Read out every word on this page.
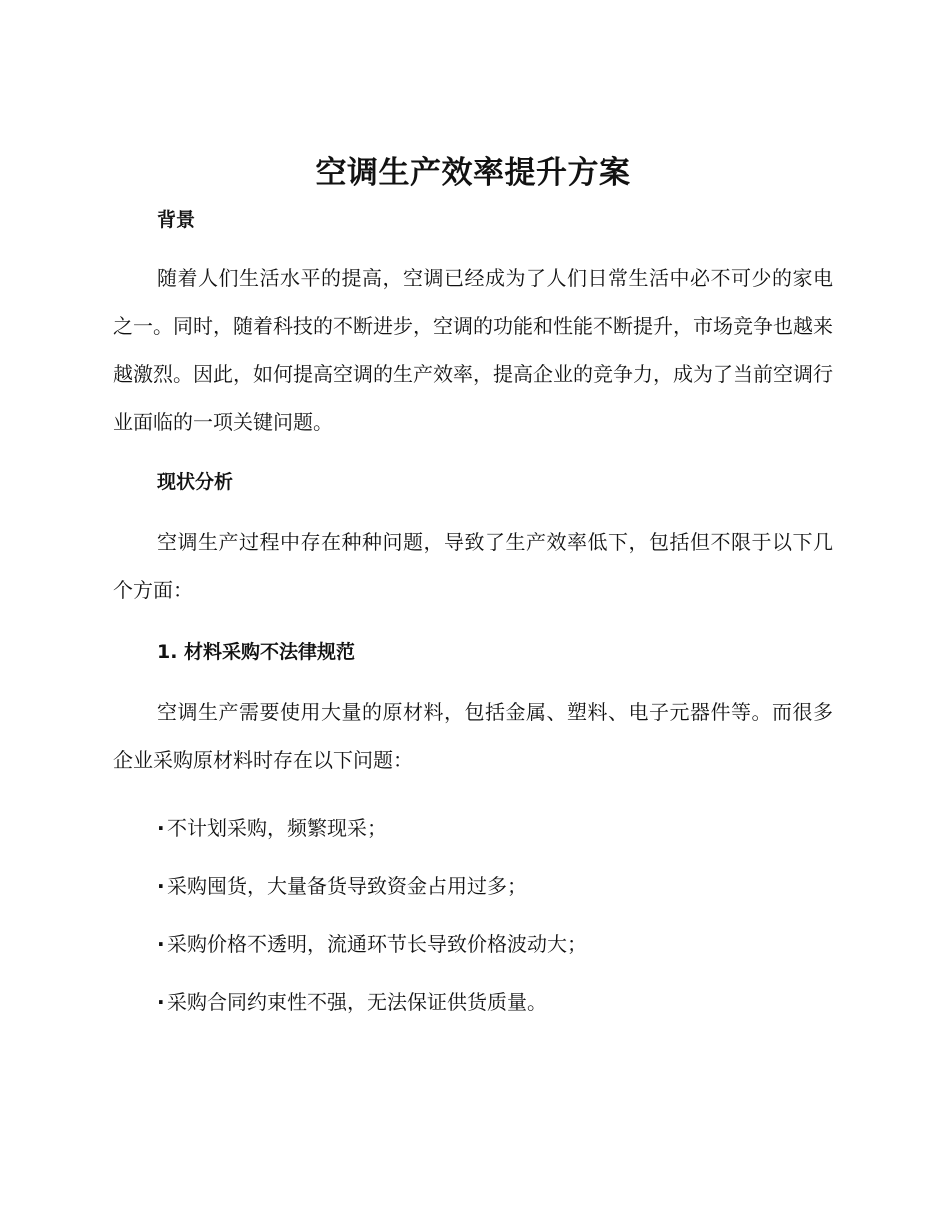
空调生产效率提升方案
背景

随着人们生活水平的提高，空调已经成为了人们日常生活中必不可少的家电之一。同时，随着科技的不断进步，空调的功能和性能不断提升，市场竞争也越来越激烈。因此，如何提高空调的生产效率，提高企业的竞争力，成为了当前空调行业面临的一项关键问题。

现状分析

空调生产过程中存在种种问题，导致了生产效率低下，包括但不限于以下几个方面：

1. 材料采购不法律规范

空调生产需要使用大量的原材料，包括金属、塑料、电子元器件等。而很多企业采购原材料时存在以下问题：

· 不计划采购，频繁现采；
· 采购囤货，大量备货导致资金占用过多；
· 采购价格不透明，流通环节长导致价格波动大；
· 采购合同约束性不强，无法保证供货质量。
